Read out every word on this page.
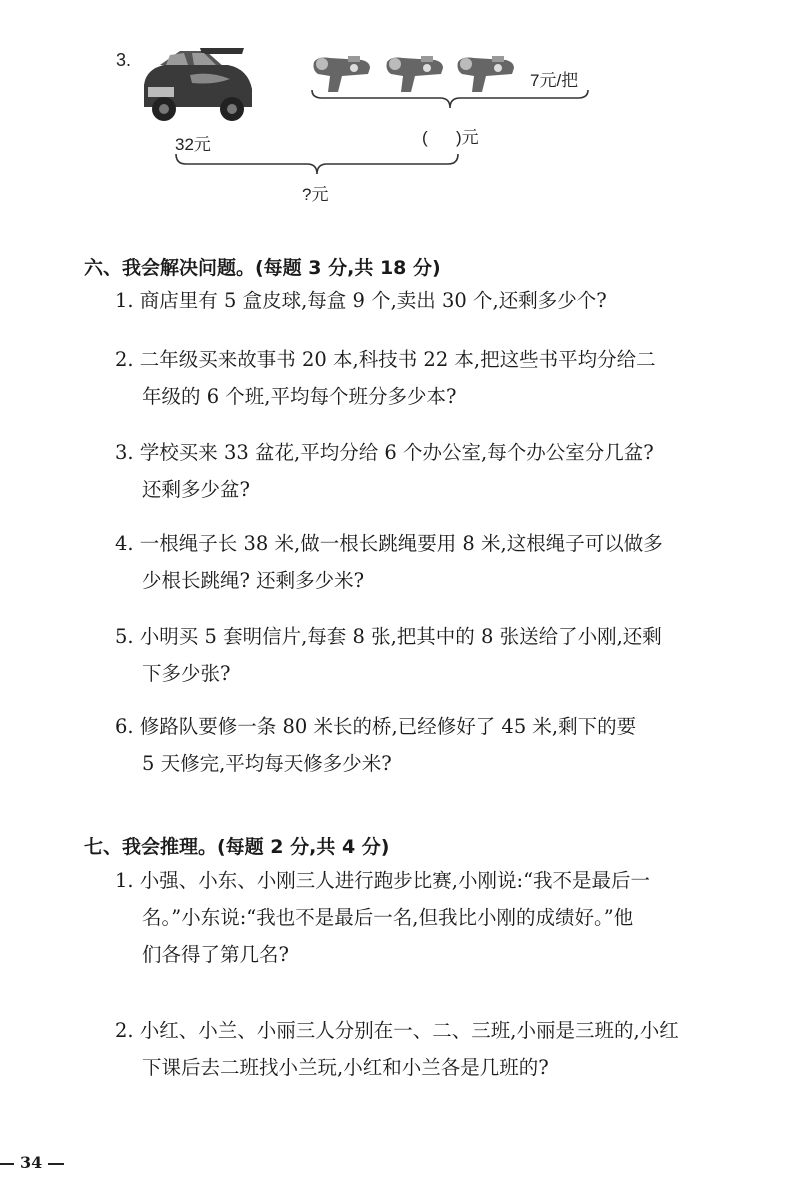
3.
7元/把
(      )元
32元
?元
六、我会解决问题。(每题 3 分,共 18 分)
1. 商店里有 5 盒皮球,每盒 9 个,卖出 30 个,还剩多少个?
2. 二年级买来故事书 20 本,科技书 22 本,把这些书平均分给二
年级的 6 个班,平均每个班分多少本?
3. 学校买来 33 盆花,平均分给 6 个办公室,每个办公室分几盆?
还剩多少盆?
4. 一根绳子长 38 米,做一根长跳绳要用 8 米,这根绳子可以做多
少根长跳绳? 还剩多少米?
5. 小明买 5 套明信片,每套 8 张,把其中的 8 张送给了小刚,还剩
下多少张?
6. 修路队要修一条 80 米长的桥,已经修好了 45 米,剩下的要
5 天修完,平均每天修多少米?
七、我会推理。(每题 2 分,共 4 分)
1. 小强、小东、小刚三人进行跑步比赛,小刚说:“我不是最后一
名。”小东说:“我也不是最后一名,但我比小刚的成绩好。”他
们各得了第几名?
2. 小红、小兰、小丽三人分别在一、二、三班,小丽是三班的,小红
下课后去二班找小兰玩,小红和小兰各是几班的?
34
